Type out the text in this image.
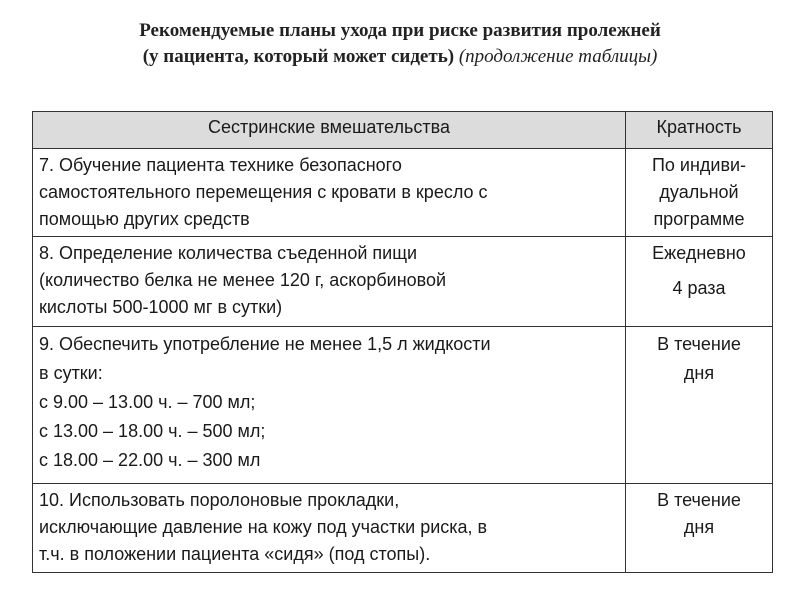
Рекомендуемые планы ухода при риске развития пролежней
(у пациента, который может сидеть) (продолжение таблицы)
Сестринские вмешательства	Кратность

7. Обучение пациента технике безопасного
самостоятельного перемещения с кровати в кресло с
помощью других средств	По индиви-
дуальной
программе

8. Определение количества съеденной пищи
(количество белка не менее 120 г, аскорбиновой
кислоты 500-1000 мг в сутки)	Ежедневно
4 раза

9. Обеспечить употребление не менее 1,5 л жидкости
в сутки:
с 9.00 – 13.00 ч. – 700 мл;
с 13.00 – 18.00 ч. – 500 мл;
с 18.00 – 22.00 ч. – 300 мл	В течение
дня

10. Использовать поролоновые прокладки,
исключающие давление на кожу под участки риска, в
т.ч. в положении пациента «сидя» (под стопы).	В течение
дня
